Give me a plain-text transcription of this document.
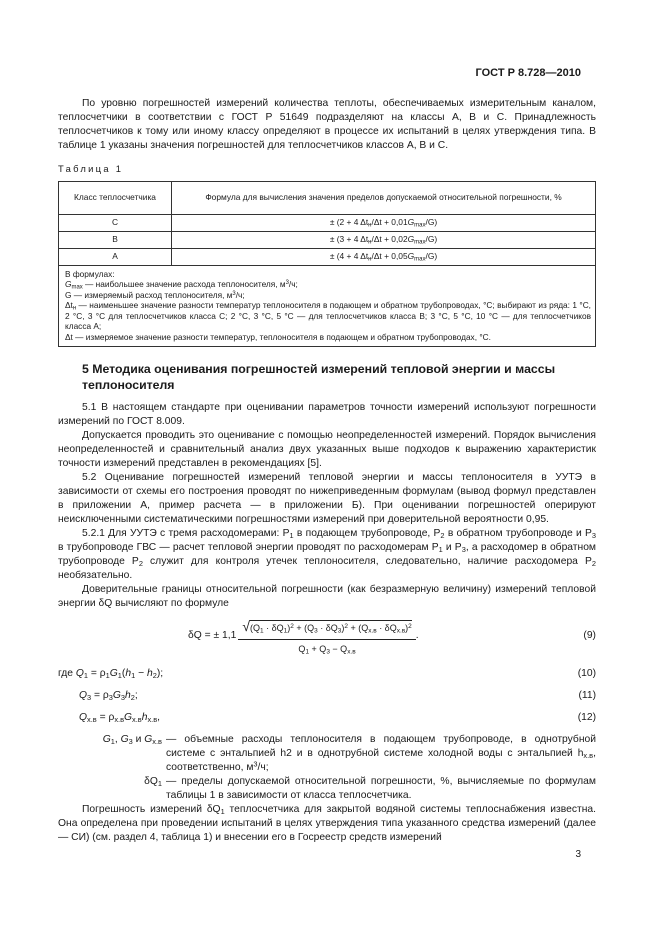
ГОСТ Р 8.728—2010

По уровню погрешностей измерений количества теплоты, обеспечиваемых измерительным каналом, теплосчетчики в соответствии с ГОСТ Р 51649 подразделяют на классы А, В и С. Принадлежность теплосчетчиков к тому или иному классу определяют в процессе их испытаний в целях утверждения типа. В таблице 1 указаны значения погрешностей для теплосчетчиков классов А, В и С.

Таблица 1
Класс теплосчетчика	Формула для вычисления значения пределов допускаемой относительной погрешности, %
С	± (2 + 4 $\Delta t_н/\Delta t + 0,01G_{max}/G$)
В	± (3 + 4 $\Delta t_н/\Delta t + 0,02G_{max}/G$)
А	± (4 + 4 $\Delta t_н/\Delta t + 0,05G_{max}/G$)

В формулах:
$G_{max}$ — наибольшее значение расхода теплоносителя, $м^3/ч$;
G — измеряемый расход теплоносителя, $м^3/ч$;
$\Delta t_н$ — наименьшее значение разности температур теплоносителя в подающем и обратном трубопроводах, °С; выбирают из ряда: 1 °С, 2 °С, 3 °С для теплосчетчиков класса С; 2 °С, 3 °С, 5 °С — для теплосчетчиков класса В; 3 °С, 5 °С, 10 °С — для теплосчетчиков класса А;
Δt — измеряемое значение разности температур, теплоносителя в подающем и обратном трубопроводах, °С.	
5 Методика оценивания погрешностей измерений тепловой энергии и массы теплоносителя

5.1 В настоящем стандарте при оценивании параметров точности измерений используют погрешности измерений по ГОСТ 8.009.

Допускается проводить это оценивание с помощью неопределенностей измерений. Порядок вычисления неопределенностей и сравнительный анализ двух указанных выше подходов к выражению характеристик точности измерений представлен в рекомендациях [5].

5.2 Оценивание погрешностей измерений тепловой энергии и массы теплоносителя в УУТЭ в зависимости от схемы его построения проводят по нижеприведенным формулам (вывод формул представлен в приложении А, пример расчета — в приложении Б). При оценивании погрешностей оперируют неисключенными систематическими погрешностями измерений при доверительной вероятности 0,95.

5.2.1 Для УУТЭ с тремя расходомерами: $Р_1$ в подающем трубопроводе, $Р_2$ в обратном трубопроводе и $Р_3$ в трубопроводе ГВС — расчет тепловой энергии проводят по расходомерам $Р_1$ и $Р_3$, а расходомер в обратном трубопроводе $Р_2$ служит для контроля утечек теплоносителя, следовательно, наличие расходомера $Р_2$ необязательно.

Доверительные границы относительной погрешности (как безразмерную величину) измерений тепловой энергии δQ вычисляют по формуле

δQ = ± $1,1 \frac{√(Q_1 \cdot \delta Q_1)^2 + (Q_3 \cdot \delta Q_3)^2 + (Q_{х.в} \cdot \delta Q_{х.в})^2}{Q_1 + Q_3 - Q_{х.в}}$ .	(9)
где $Q_1 = \rho_1G_1(h_1 - h_2)$;	(10)
$Q_3 = \rho_3G_3h_2$;	(11)
$Q_{х.в} = \rho_{х.в}G_{х.в}h_{х.в}$,	(12)
$G_1$, $G_3$ и $G_{х.в}$ — объемные расходы теплоносителя в подающем трубопроводе, в однотрубной системе с энтальпией h2 и в однотрубной системе холодной воды с энтальпией $h_{х.в}$, соответственно, $м^3/ч$;
$\delta Q_1$ — пределы допускаемой относительной погрешности, %, вычисляемые по формулам таблицы 1 в зависимости от класса теплосчетчика.

Погрешность измерений $\delta Q_1$ теплосчетчика для закрытой водяной системы теплоснабжения известна. Она определена при проведении испытаний в целях утверждения типа указанного средства измерений (далее — СИ) (см. раздел 4, таблица 1) и внесении его в Госреестр средств измерений

3
